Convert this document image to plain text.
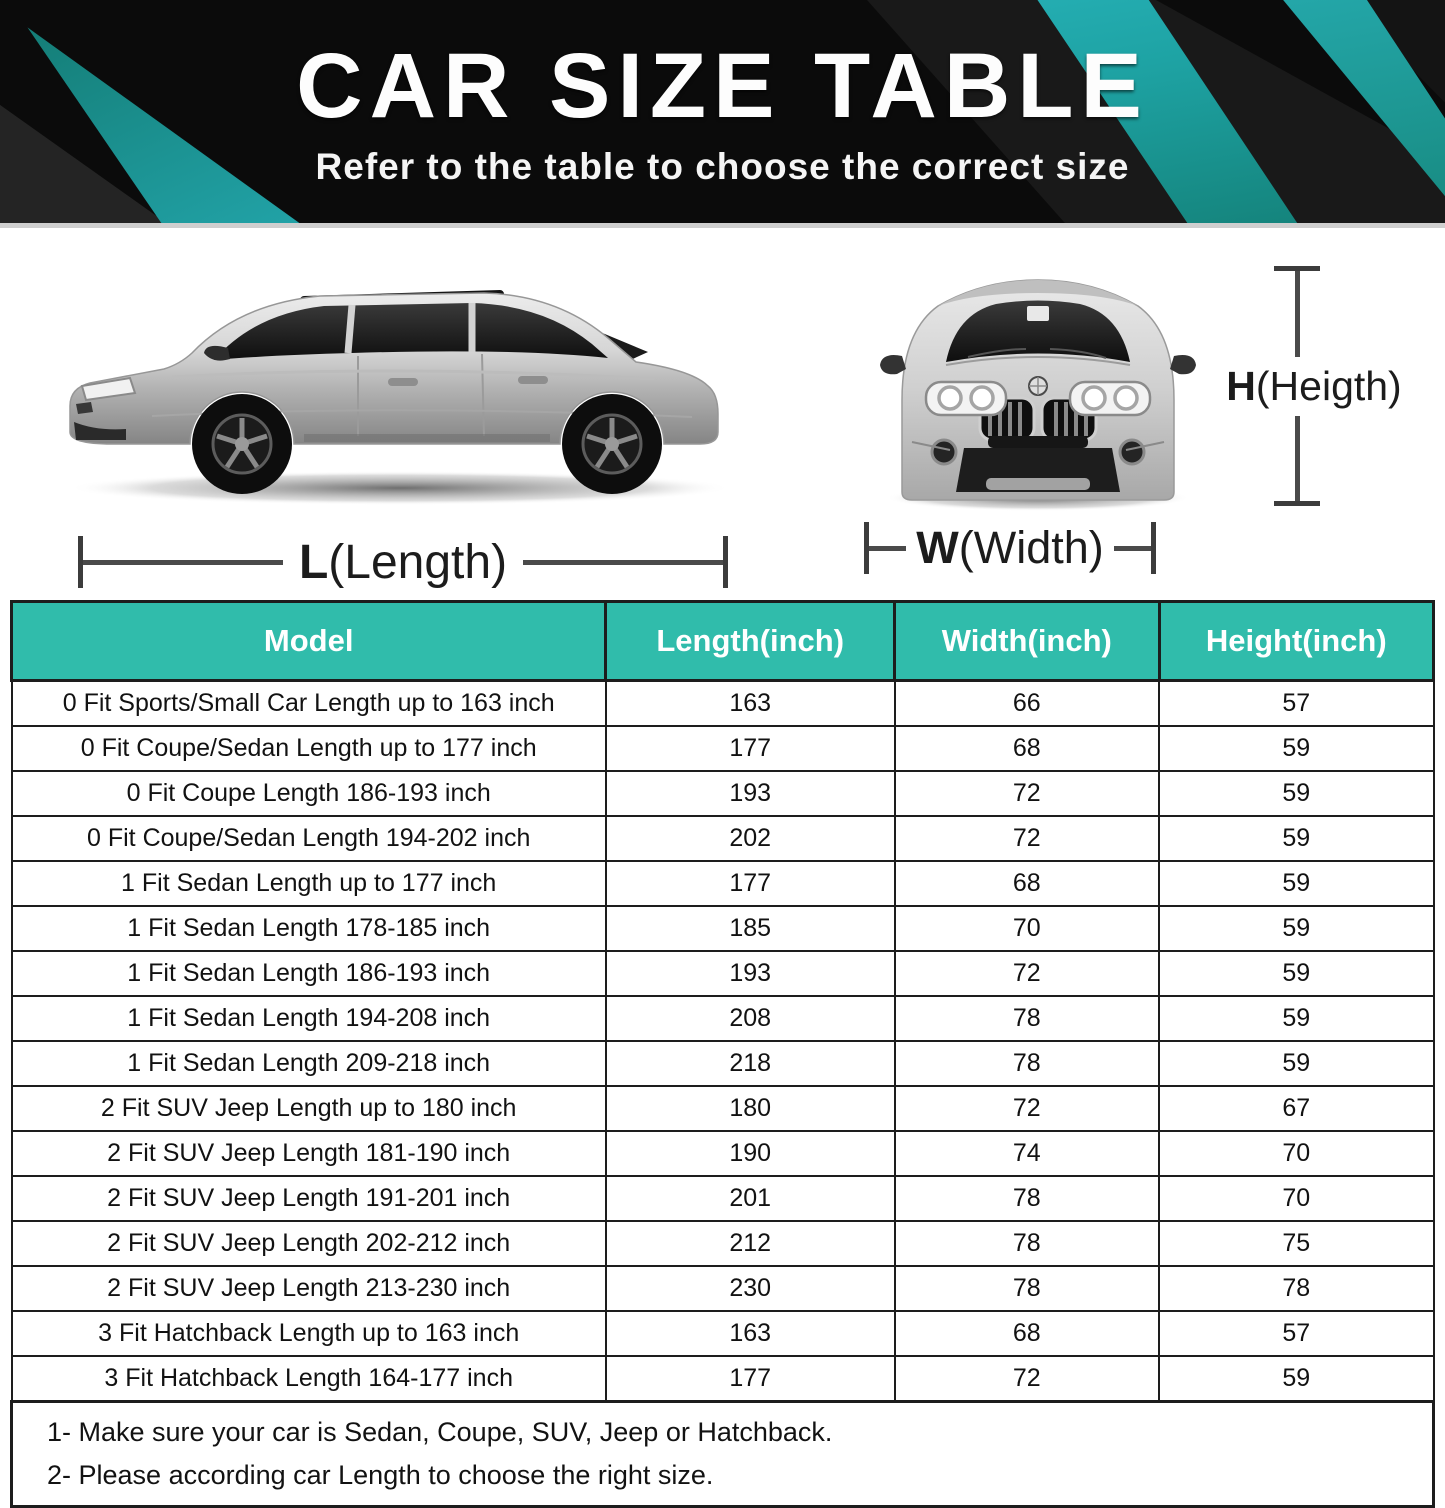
CAR SIZE TABLE
Refer to the table to choose the correct size
L(Length)	W(Width)
H(Heigth)
Model	Length(inch)	Width(inch)	Height(inch)
0 Fit Sports/Small Car Length up to 163 inch	163	66	57
0 Fit Coupe/Sedan Length up to 177 inch	177	68	59
0 Fit Coupe Length 186-193 inch	193	72	59
0 Fit Coupe/Sedan Length 194-202 inch	202	72	59
1 Fit Sedan Length up to 177 inch	177	68	59
1 Fit Sedan Length 178-185 inch	185	70	59
1 Fit Sedan Length 186-193 inch	193	72	59
1 Fit Sedan Length 194-208 inch	208	78	59
1 Fit Sedan Length 209-218 inch	218	78	59
2 Fit SUV Jeep Length up to 180 inch	180	72	67
2 Fit SUV Jeep Length 181-190 inch	190	74	70
2 Fit SUV Jeep Length 191-201 inch	201	78	70
2 Fit SUV Jeep Length 202-212 inch	212	78	75
2 Fit SUV Jeep Length 213-230 inch	230	78	78
3 Fit Hatchback Length up to 163 inch	163	68	57
3 Fit Hatchback Length 164-177 inch	177	72	59

1- Make sure your car is Sedan, Coupe, SUV, Jeep or Hatchback.
2- Please according car Length to choose the right size.			
